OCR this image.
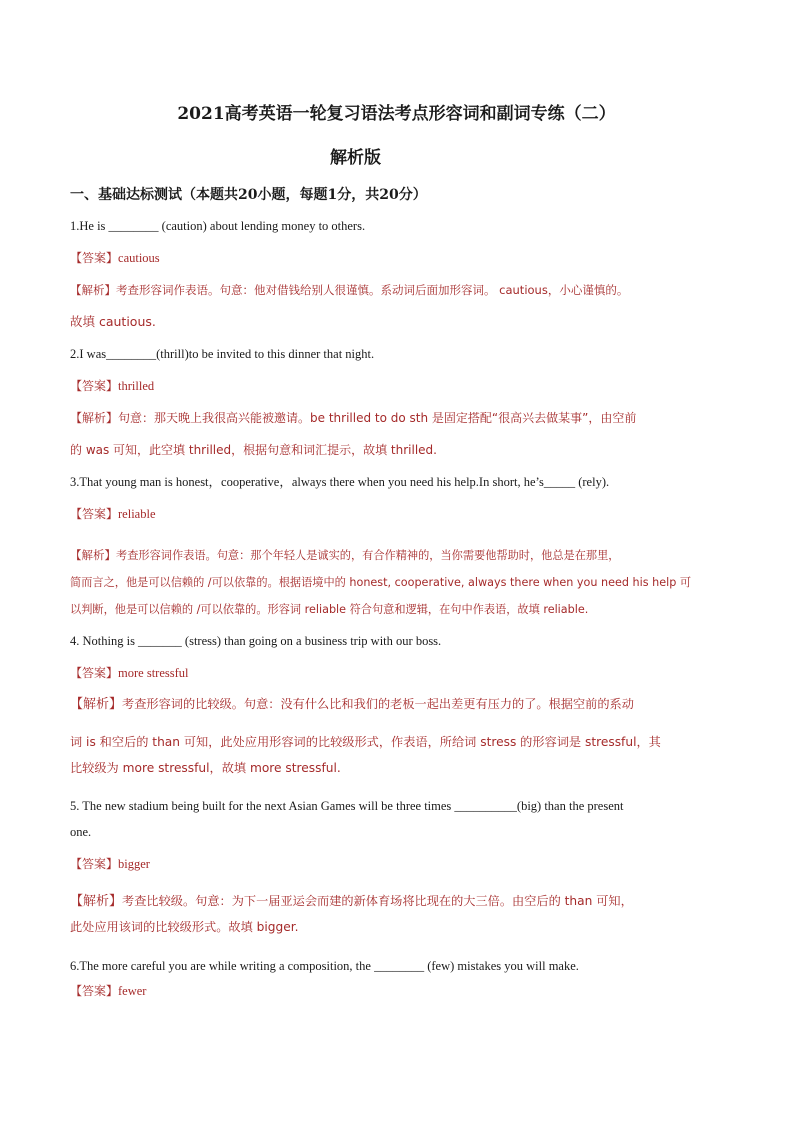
2021高考英语一轮复习语法考点形容词和副词专练（二）
解析版
一、基础达标测试（本题共20小题，每题1分，共20分）
1.He is ________ (caution) about lending money to others.
【答案】cautious
【解析】考查形容词作表语。句意：他对借钱给别人很谨慎。系动词后面加形容词。 cautious，小心谨慎的。
故填 cautious.
2.I was________(thrill)to be invited to this dinner that night.
【答案】thrilled
【解析】句意：那天晚上我很高兴能被邀请。be thrilled to do sth 是固定搭配“很高兴去做某事”，由空前
的 was 可知，此空填 thrilled，根据句意和词汇提示，故填 thrilled.
3.That young man is honest，cooperative，always there when you need his help.In short, he’s_____ (rely).
【答案】reliable
【解析】考查形容词作表语。句意：那个年轻人是诚实的，有合作精神的，当你需要他帮助时，他总是在那里，
简而言之，他是可以信赖的 /可以依靠的。根据语境中的 honest, cooperative, always there when you need his help 可
以判断，他是可以信赖的 /可以依靠的。形容词 reliable 符合句意和逻辑，在句中作表语，故填 reliable.
4. Nothing is _______ (stress) than going on a business trip with our boss.
【答案】more stressful
【解析】考查形容词的比较级。句意：没有什么比和我们的老板一起出差更有压力的了。根据空前的系动
词 is 和空后的 than 可知，此处应用形容词的比较级形式，作表语，所给词 stress 的形容词是 stressful，其
比较级为 more stressful，故填 more stressful.
5. The new stadium being built for the next Asian Games will be three times __________(big) than the present
one.
【答案】bigger
【解析】考查比较级。句意：为下一届亚运会而建的新体育场将比现在的大三倍。由空后的 than 可知，
此处应用该词的比较级形式。故填 bigger.
6.The more careful you are while writing a composition, the ________ (few) mistakes you will make.
【答案】fewer
